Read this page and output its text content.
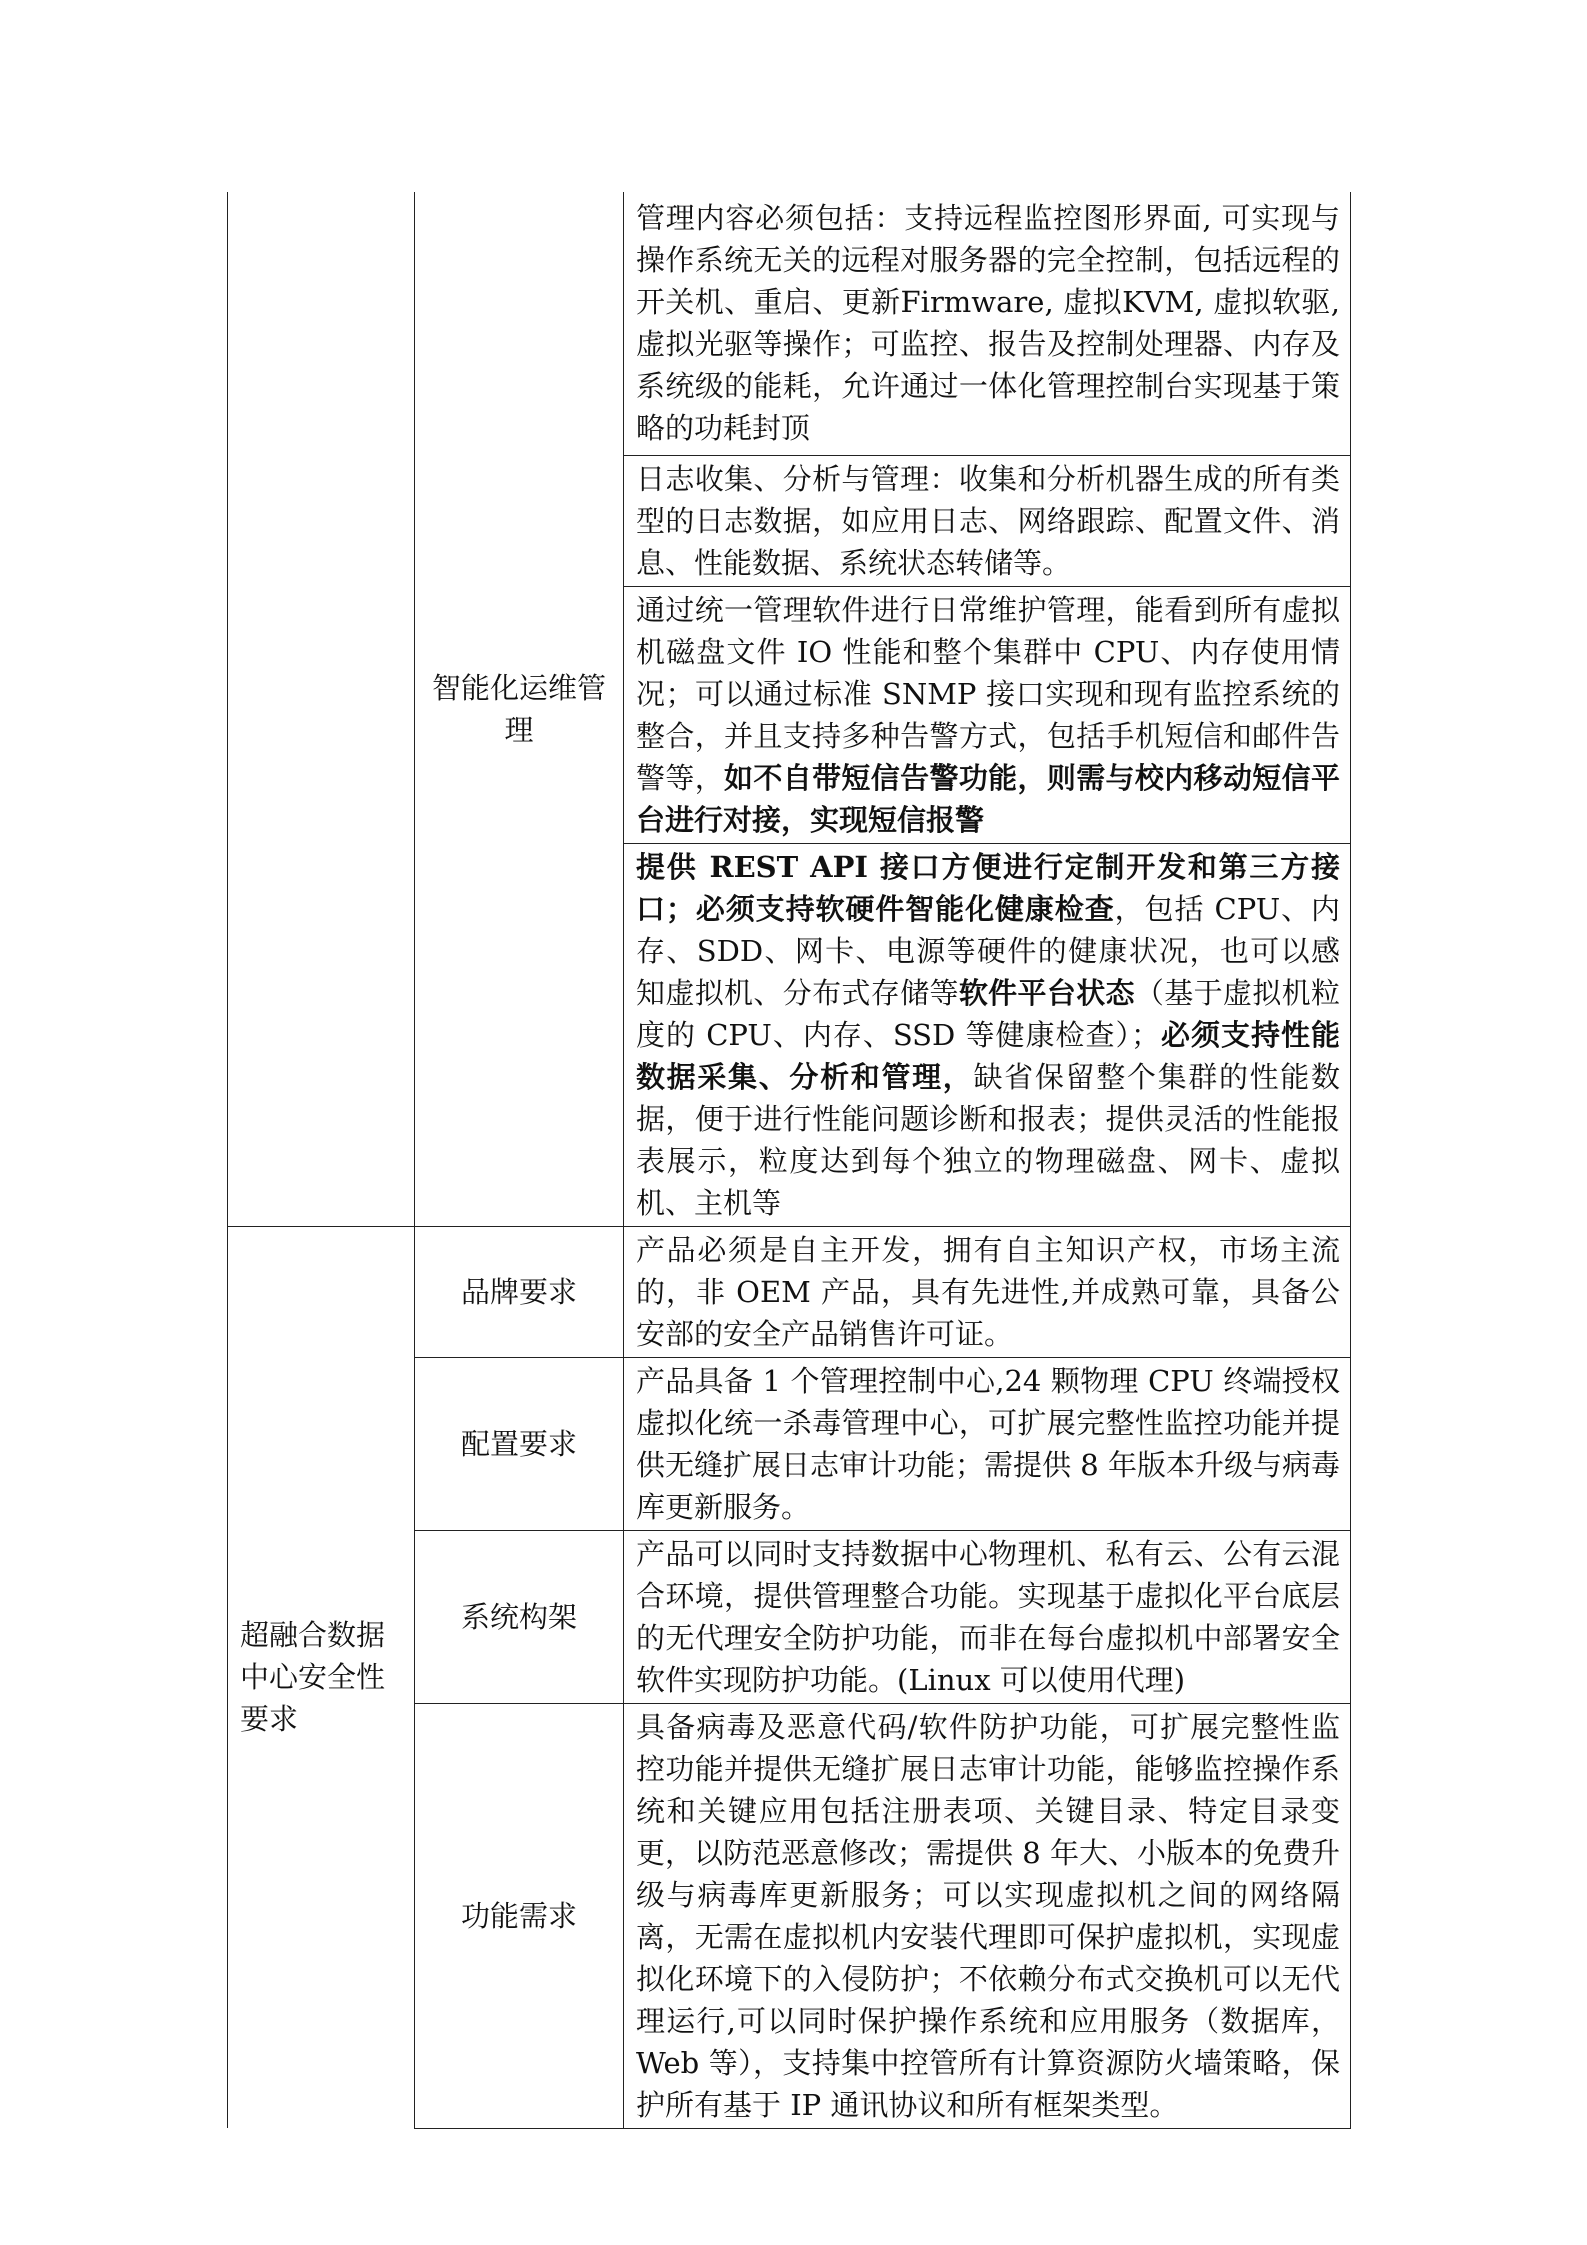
	智能化运维管理	管理内容必须包括：支持远程监控图形界面, 可实现与操作系统无关的远程对服务器的完全控制，包括远程的开关机、重启、更新Firmware, 虚拟KVM, 虚拟软驱, 虚拟光驱等操作；可监控、报告及控制处理器、内存及系统级的能耗，允许通过一体化管理控制台实现基于策略的功耗封顶
		日志收集、分析与管理：收集和分析机器生成的所有类型的日志数据，如应用日志、网络跟踪、配置文件、消息、性能数据、系统状态转储等。
		通过统一管理软件进行日常维护管理，能看到所有虚拟机磁盘文件 IO 性能和整个集群中 CPU、内存使用情况；可以通过标准 SNMP 接口实现和现有监控系统的整合，并且支持多种告警方式，包括手机短信和邮件告警等，如不自带短信告警功能，则需与校内移动短信平台进行对接，实现短信报警
		提供 REST API 接口方便进行定制开发和第三方接口；必须支持软硬件智能化健康检查，包括 CPU、内存、SDD、网卡、电源等硬件的健康状况，也可以感知虚拟机、分布式存储等软件平台状态（基于虚拟机粒度的 CPU、内存、SSD 等健康检查）；必须支持性能数据采集、分析和管理，缺省保留整个集群的性能数据，便于进行性能问题诊断和报表；提供灵活的性能报表展示，粒度达到每个独立的物理磁盘、网卡、虚拟机、主机等
超融合数据中心安全性要求	品牌要求	产品必须是自主开发，拥有自主知识产权，市场主流的，非 OEM 产品，具有先进性,并成熟可靠，具备公安部的安全产品销售许可证。
	配置要求	产品具备 1 个管理控制中心,24 颗物理 CPU 终端授权虚拟化统一杀毒管理中心，可扩展完整性监控功能并提供无缝扩展日志审计功能；需提供 8 年版本升级与病毒库更新服务。
	系统构架	产品可以同时支持数据中心物理机、私有云、公有云混合环境，提供管理整合功能。实现基于虚拟化平台底层的无代理安全防护功能，而非在每台虚拟机中部署安全软件实现防护功能。(Linux 可以使用代理)
	功能需求	具备病毒及恶意代码/软件防护功能，可扩展完整性监控功能并提供无缝扩展日志审计功能，能够监控操作系统和关键应用包括注册表项、关键目录、特定目录变更，以防范恶意修改；需提供 8 年大、小版本的免费升级与病毒库更新服务；可以实现虚拟机之间的网络隔离，无需在虚拟机内安装代理即可保护虚拟机，实现虚拟化环境下的入侵防护；不依赖分布式交换机可以无代理运行,可以同时保护操作系统和应用服务（数据库，Web 等），支持集中控管所有计算资源防火墙策略，保护所有基于 IP 通讯协议和所有框架类型。
